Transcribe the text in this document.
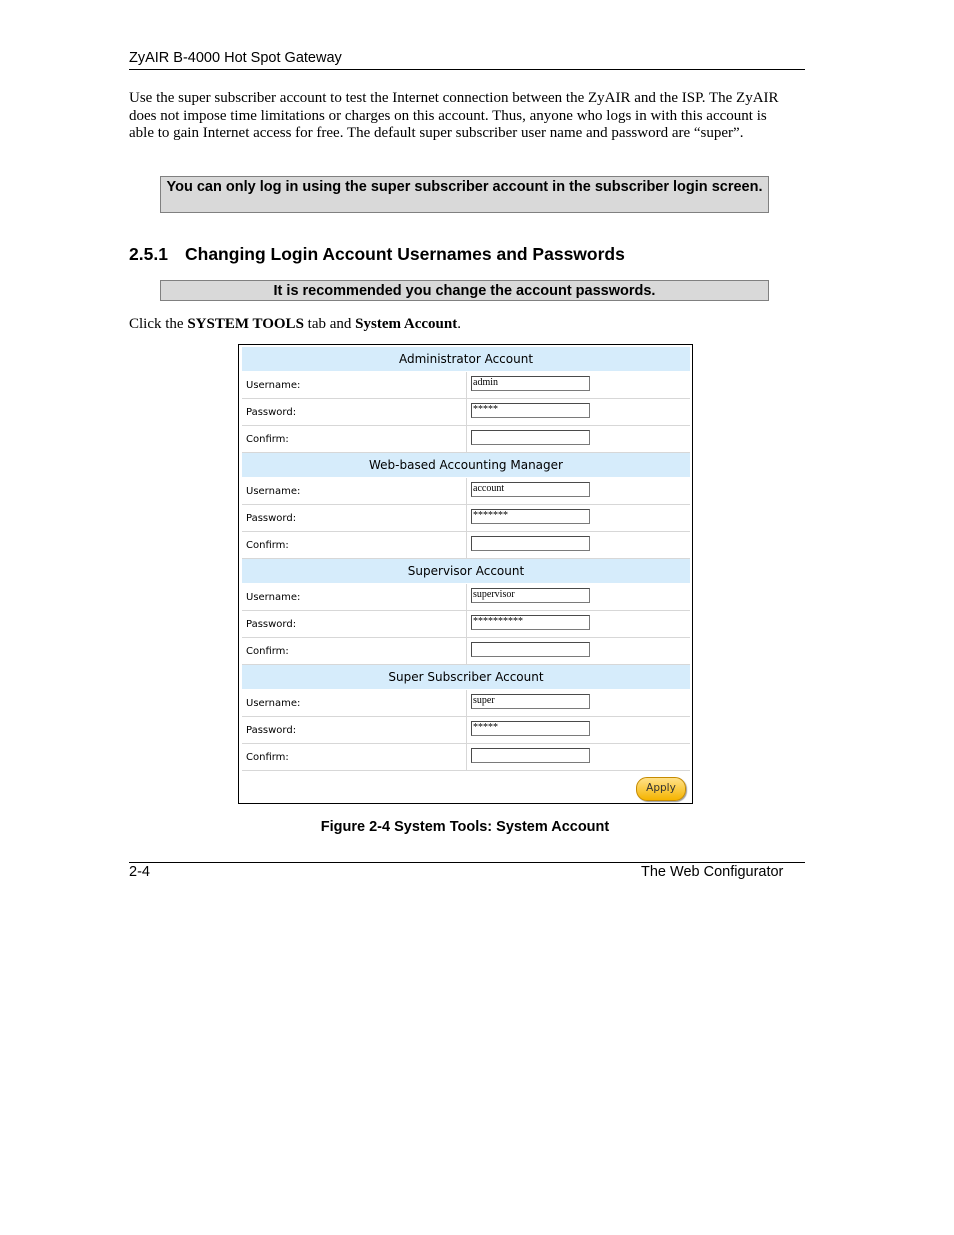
ZyAIR B-4000 Hot Spot Gateway
Use the super subscriber account to test the Internet connection between the ZyAIR and the ISP. The ZyAIR does not impose time limitations or charges on this account. Thus, anyone who logs in with this account is able to gain Internet access for free. The default super subscriber user name and password are “super”.
You can only log in using the super subscriber account in the subscriber login screen.
2.5.1 Changing Login Account Usernames and Passwords
It is recommended you change the account passwords.
Click the SYSTEM TOOLS tab and System Account.
Administrator Account
Username:	admin
Password:	*****
Confirm:
Web-based Accounting Manager
Username:	account
Password:	*******
Confirm:
Supervisor Account
Username:	supervisor
Password:	**********
Confirm:
Super Subscriber Account
Username:	super
Password:	*****
Confirm:
Apply
Figure 2-4 System Tools: System Account
2-4	The Web Configurator
